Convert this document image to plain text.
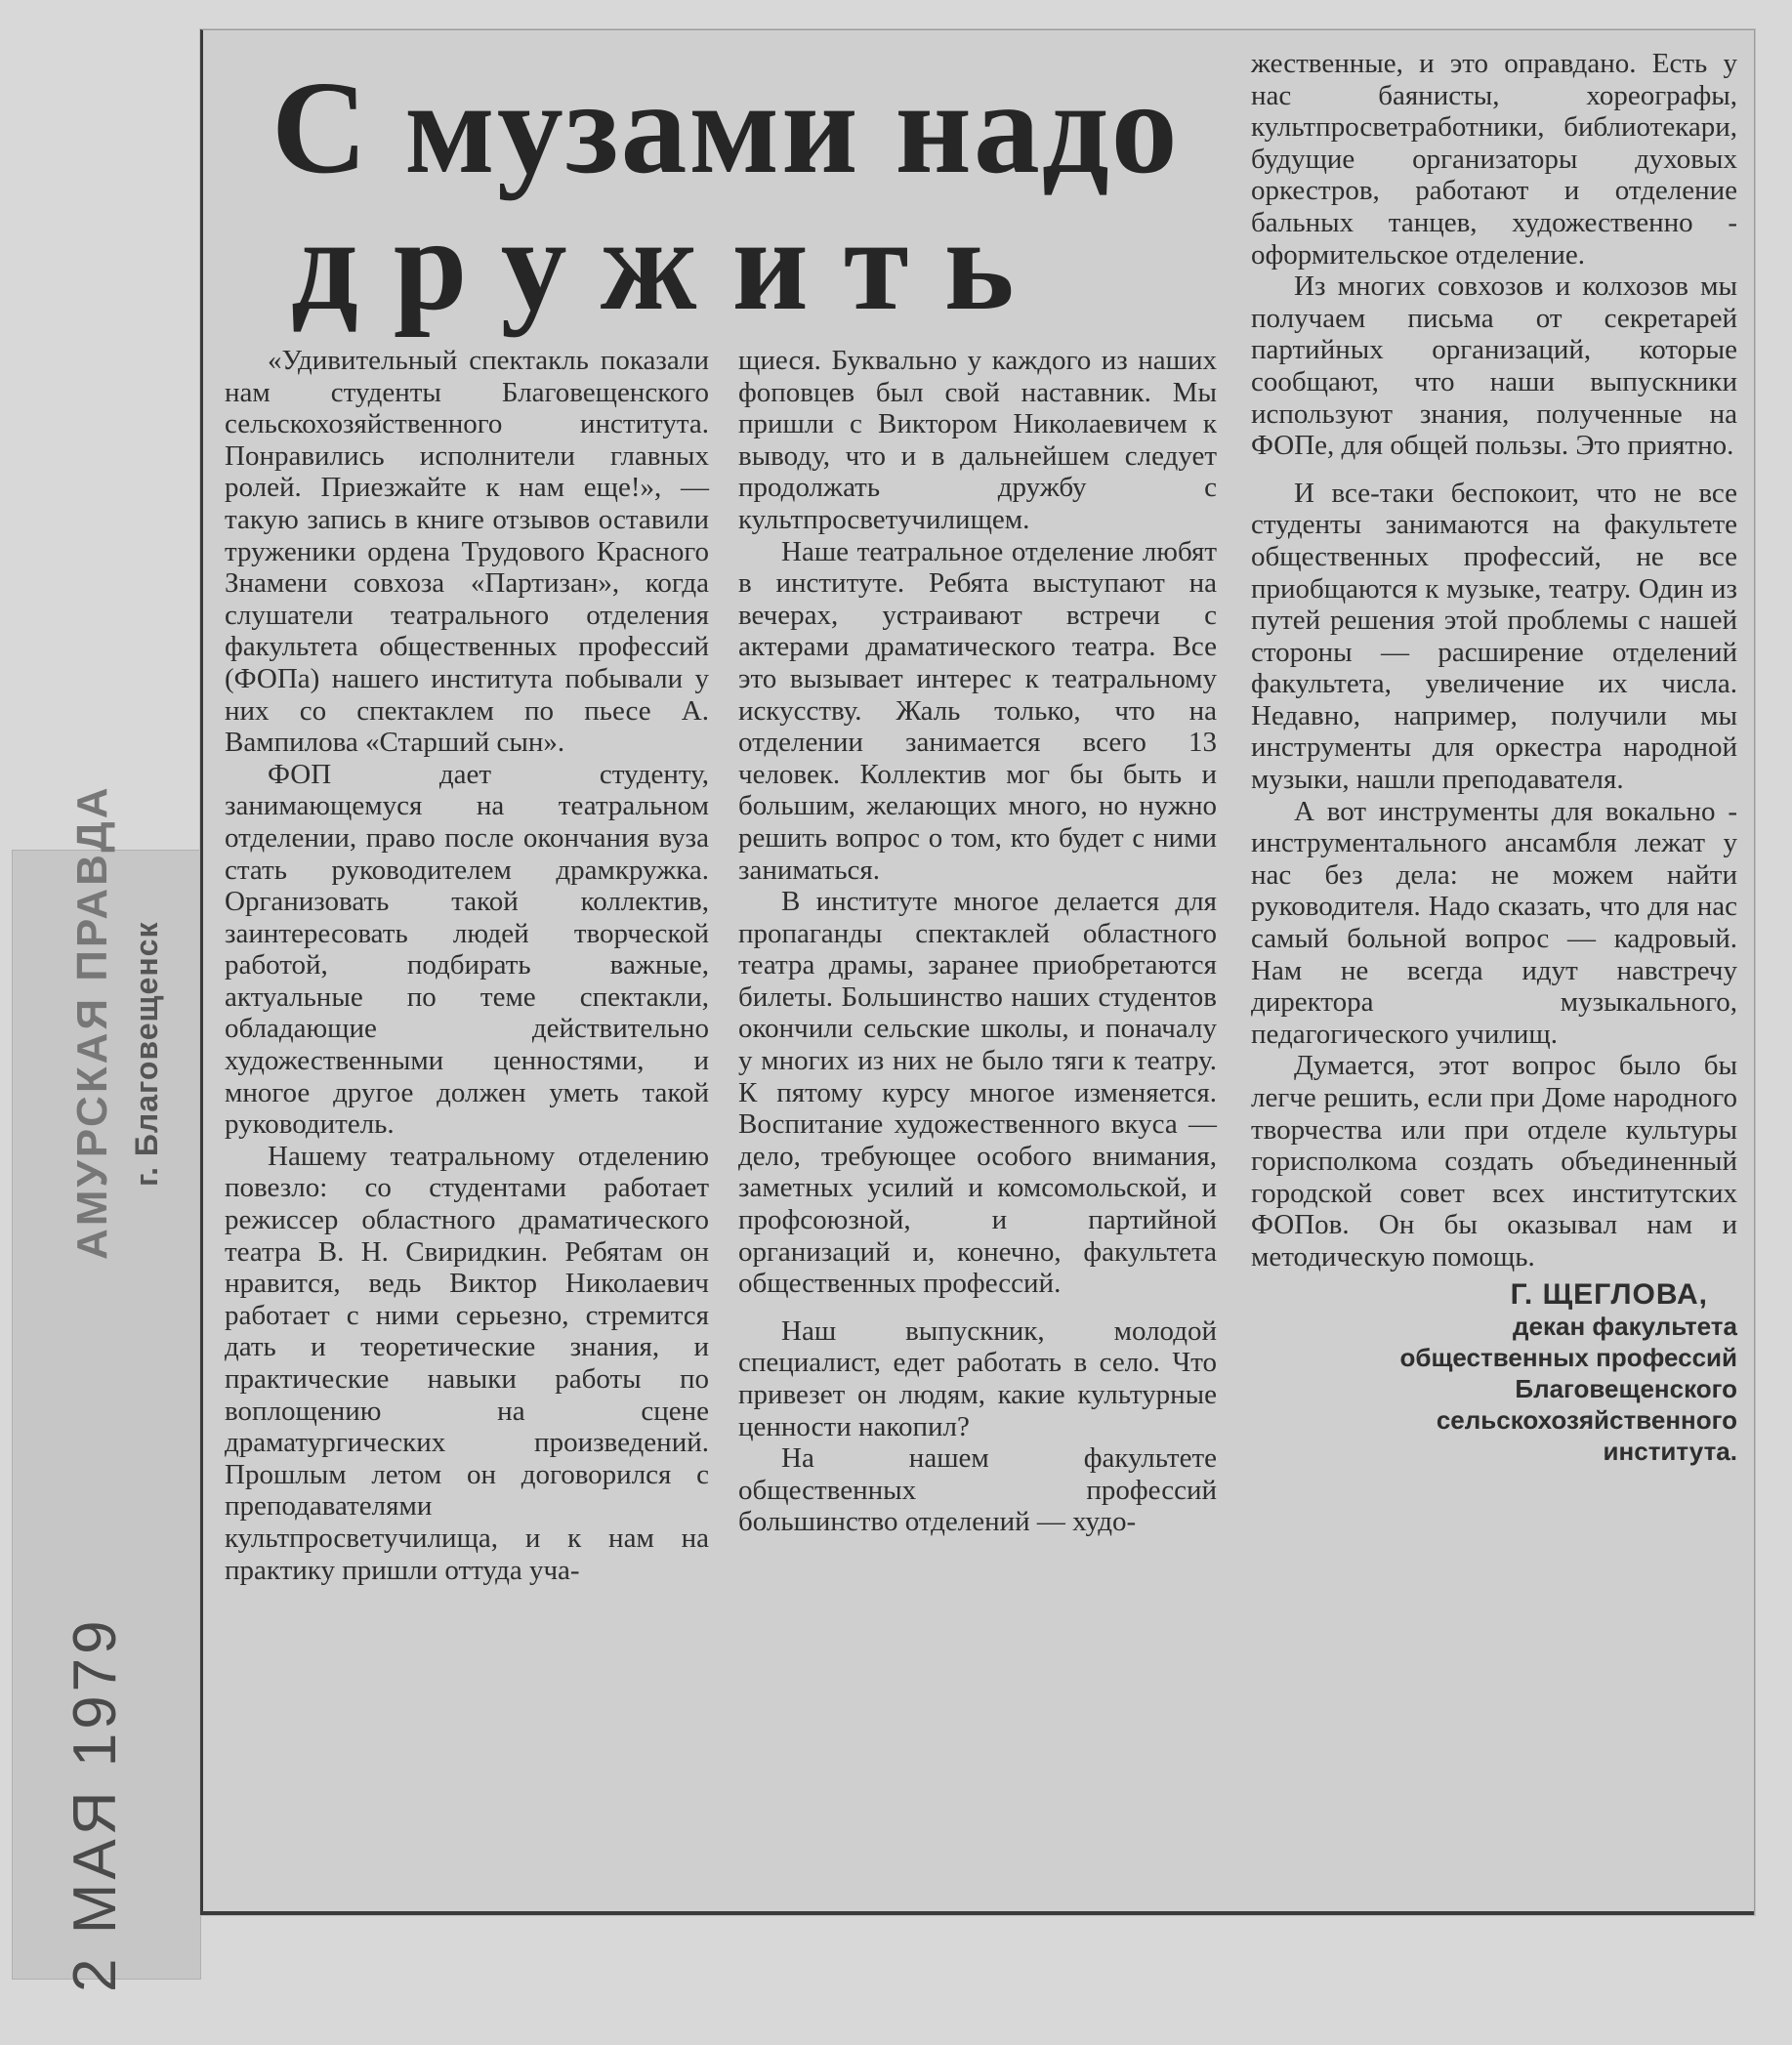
АМУРСКАЯ ПРАВДА г. Благовещенск
2 МАЯ 1979
С музами надо
дружить

«Удивительный спектакль показали нам студенты Благовещенского сельскохозяйственного института. Понравились исполнители главных ролей. Приезжайте к нам еще!», — такую запись в книге отзывов оставили труженики ордена Трудового Красного Знамени совхоза «Партизан», когда слушатели театрального отделения факультета общественных профессий (ФОПа) нашего института побывали у них со спектаклем по пьесе А. Вампилова «Старший сын».

ФОП дает студенту, занимающемуся на театральном отделении, право после окончания вуза стать руководителем драмкружка. Организовать такой коллектив, заинтересовать людей творческой работой, подбирать важные, актуальные по теме спектакли, обладающие действительно художественными ценностями, и многое другое должен уметь такой руководитель.

Нашему театральному отделению повезло: со студентами работает режиссер областного драматического театра В. Н. Свиридкин. Ребятам он нравится, ведь Виктор Николаевич работает с ними серьезно, стремится дать и теоретические знания, и практические навыки работы по воплощению на сцене драматургических произведений. Прошлым летом он договорился с преподавателями культпросветучилища, и к нам на практику пришли оттуда уча-

щиеся. Буквально у каждого из наших фоповцев был свой наставник. Мы пришли с Виктором Николаевичем к выводу, что и в дальнейшем следует продолжать дружбу с культпросветучилищем.

Наше театральное отделение любят в институте. Ребята выступают на вечерах, устраивают встречи с актерами драматического театра. Все это вызывает интерес к театральному искусству. Жаль только, что на отделении занимается всего 13 человек. Коллектив мог бы быть и большим, желающих много, но нужно решить вопрос о том, кто будет с ними заниматься.

В институте многое делается для пропаганды спектаклей областного театра драмы, заранее приобретаются билеты. Большинство наших студентов окончили сельские школы, и поначалу у многих из них не было тяги к театру. К пятому курсу многое изменяется. Воспитание художественного вкуса — дело, требующее особого внимания, заметных усилий и комсомольской, и профсоюзной, и партийной организаций и, конечно, факультета общественных профессий.

Наш выпускник, молодой специалист, едет работать в село. Что привезет он людям, какие культурные ценности накопил?

На нашем факультете общественных профессий большинство отделений — худо-

жественные, и это оправдано. Есть у нас баянисты, хореографы, культпросветработники, библиотекари, будущие организаторы духовых оркестров, работают и отделение бальных танцев, художественно - оформительское отделение.

Из многих совхозов и колхозов мы получаем письма от секретарей партийных организаций, которые сообщают, что наши выпускники используют знания, полученные на ФОПе, для общей пользы. Это приятно.

И все-таки беспокоит, что не все студенты занимаются на факультете общественных профессий, не все приобщаются к музыке, театру. Один из путей решения этой проблемы с нашей стороны — расширение отделений факультета, увеличение их числа. Недавно, например, получили мы инструменты для оркестра народной музыки, нашли преподавателя.

А вот инструменты для вокально - инструментального ансамбля лежат у нас без дела: не можем найти руководителя. Надо сказать, что для нас самый больной вопрос — кадровый. Нам не всегда идут навстречу директора музыкального, педагогического училищ.

Думается, этот вопрос было бы легче решить, если при Доме народного творчества или при отделе культуры горисполкома создать объединенный городской совет всех институтских ФОПов. Он бы оказывал нам и методическую помощь.

Г. ЩЕГЛОВА,
декан факультета
общественных профессий
Благовещенского
сельскохозяйственного
института.
